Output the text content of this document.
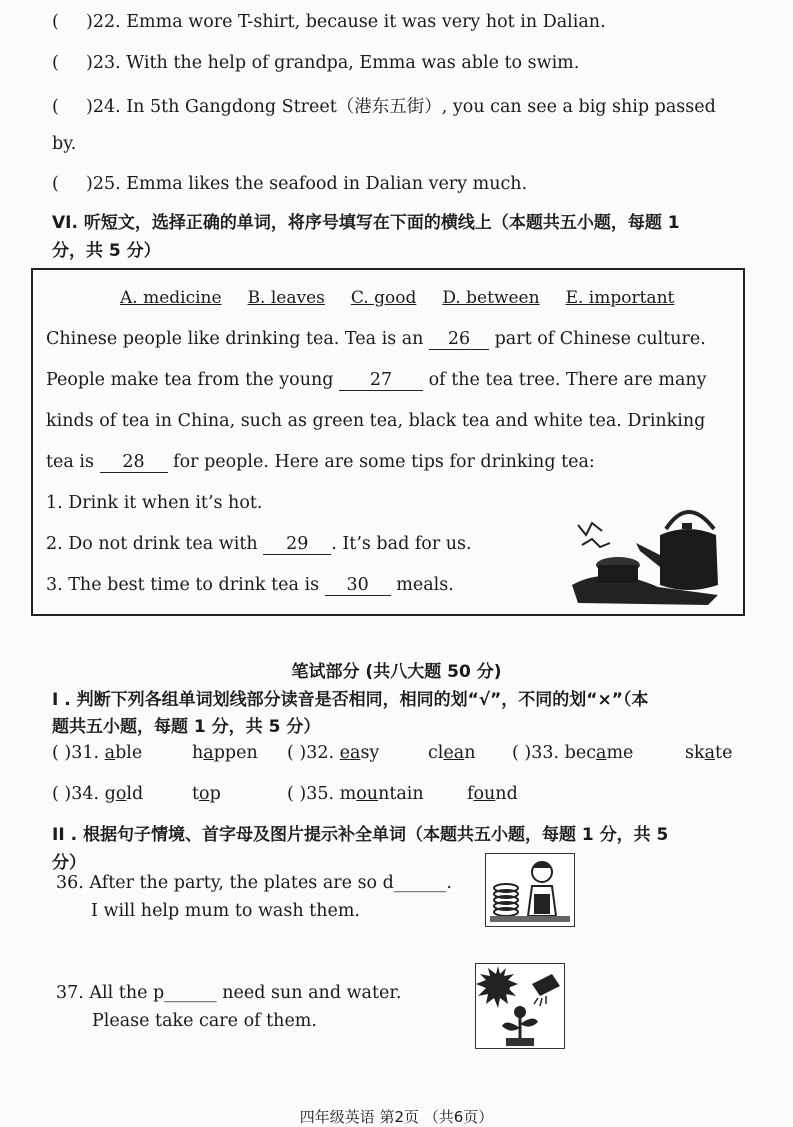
( )22. Emma wore T-shirt, because it was very hot in Dalian.
( )23. With the help of grandpa, Emma was able to swim.
( )24. In 5th Gangdong Street（港东五街）, you can see a big ship passed
by.
( )25. Emma likes the seafood in Dalian very much.
VI. 听短文，选择正确的单词，将序号填写在下面的横线上（本题共五小题，每题 1
分，共 5 分）
A. medicine B. leaves C. good D. between E. important
Chinese people like drinking tea. Tea is an 26 part of Chinese culture.
People make tea from the young 27 of the tea tree. There are many
kinds of tea in China, such as green tea, black tea and white tea. Drinking
tea is 28 for people. Here are some tips for drinking tea:
1. Drink it when it’s hot.
2. Do not drink tea with 29 . It’s bad for us.
3. The best time to drink tea is 30 meals.
笔试部分 (共八大题 50 分)
I . 判断下列各组单词划线部分读音是否相同，相同的划“√”，不同的划“×”（本
题共五小题，每题 1 分，共 5 分）
( )31. able	happen ( )32. easy	clean ( )33. became	skate
( )34. gold	top	( )35. mountain found
II . 根据句子情境、首字母及图片提示补全单词（本题共五小题，每题 1 分，共 5
分）
36. After the party, the plates are so d______.
I will help mum to wash them.
37. All the p______ need sun and water.
Please take care of them.
四年级英语 第2页 （共6页）
